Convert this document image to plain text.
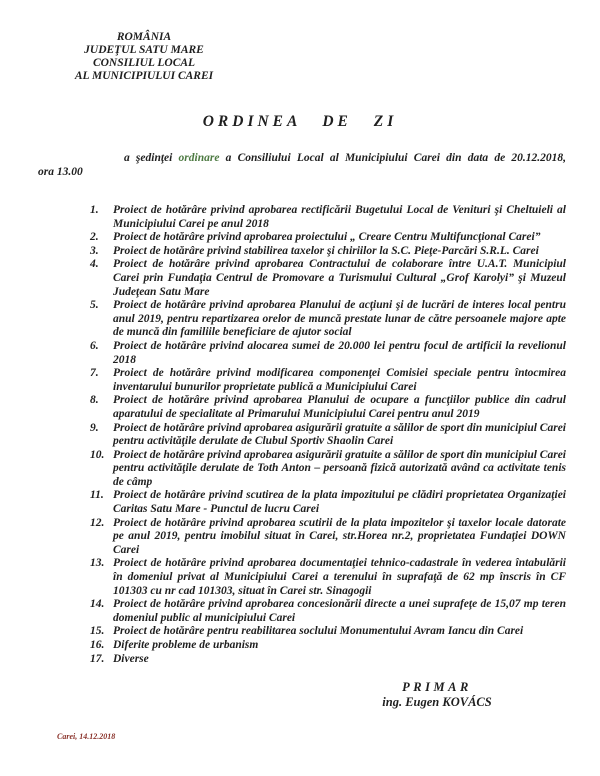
ROMÂNIA
JUDEŢUL SATU MARE
CONSILIUL LOCAL
AL MUNICIPIULUI CAREI
ORDINEA DE ZI
a şedinţei ordinare a Consiliului Local al Municipiului Carei din data de 20.12.2018,
ora 13.00
1. Proiect de hotărâre privind aprobarea rectificării Bugetului Local de Venituri şi Cheltuieli al Municipiului Carei pe anul 2018
2. Proiect de hotărâre privind aprobarea proiectului „ Creare Centru Multifuncţional Carei”
3. Proiect de hotărâre privind stabilirea taxelor şi chiriilor la S.C. Pieţe-Parcări S.R.L. Carei
4. Proiect de hotărâre privind aprobarea Contractului de colaborare între U.A.T. Municipiul Carei prin Fundaţia Centrul de Promovare a Turismului Cultural „Grof Karolyi” şi Muzeul Judeţean Satu Mare
5. Proiect de hotărâre privind aprobarea Planului de acţiuni şi de lucrări de interes local pentru anul 2019, pentru repartizarea orelor de muncă prestate lunar de către persoanele majore apte de muncă din familiile beneficiare de ajutor social
6. Proiect de hotărâre privind alocarea sumei de 20.000 lei pentru focul de artificii la revelionul 2018
7. Proiect de hotărâre privind modificarea componenţei Comisiei speciale pentru întocmirea inventarului bunurilor proprietate publică a Municipiului Carei
8. Proiect de hotărâre privind aprobarea Planului de ocupare a funcţiilor publice din cadrul aparatului de specialitate al Primarului Municipiului Carei pentru anul 2019
9. Proiect de hotărâre privind aprobarea asigurării gratuite a sălilor de sport din municipiul Carei pentru activităţile derulate de Clubul Sportiv Shaolin Carei
10. Proiect de hotărâre privind aprobarea asigurării gratuite a sălilor de sport din municipiul Carei pentru activităţile derulate de Toth Anton – persoană fizică autorizată având ca activitate tenis de câmp
11. Proiect de hotărâre privind scutirea de la plata impozitului pe clădiri proprietatea Organizaţiei Caritas Satu Mare - Punctul de lucru Carei
12. Proiect de hotărâre privind aprobarea scutirii de la plata impozitelor şi taxelor locale datorate pe anul 2019, pentru imobilul situat în Carei, str.Horea nr.2, proprietatea Fundaţiei DOWN Carei
13. Proiect de hotărâre privind aprobarea documentaţiei tehnico-cadastrale în vederea întabulării în domeniul privat al Municipiului Carei a terenului în suprafaţă de 62 mp înscris în CF 101303 cu nr cad 101303, situat în Carei str. Sinagogii
14. Proiect de hotărâre privind aprobarea concesionării directe a unei suprafeţe de 15,07 mp teren domeniul public al municipiului Carei
15. Proiect de hotărâre pentru reabilitarea soclului Monumentului Avram Iancu din Carei
16. Diferite probleme de urbanism
17. Diverse
PRIMAR
ing. Eugen KOVÁCS
Carei, 14.12.2018
